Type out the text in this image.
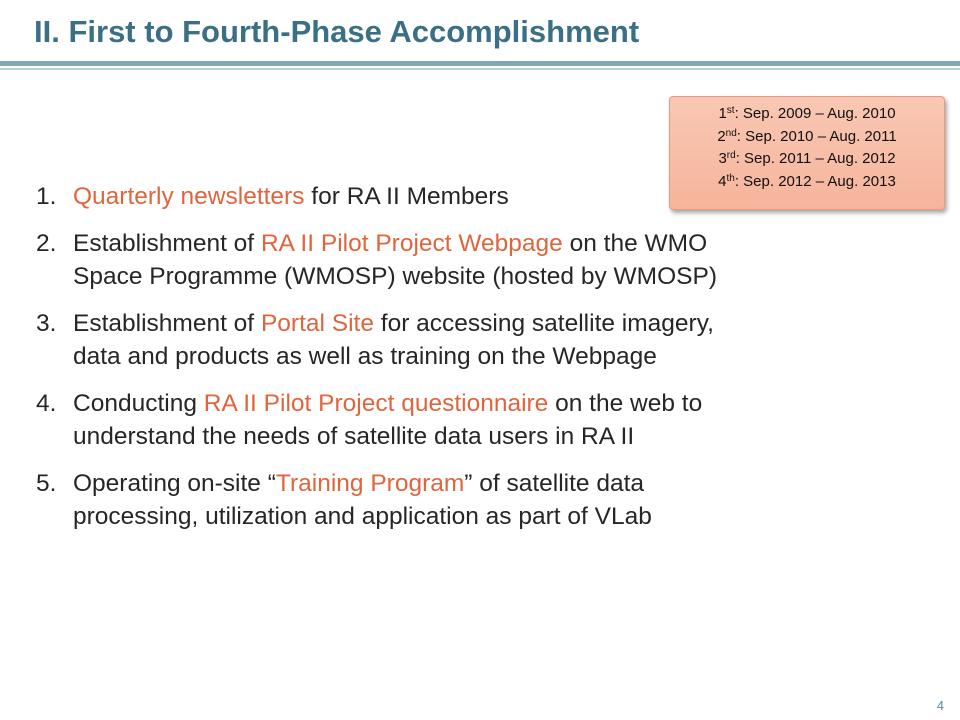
II. First to Fourth-Phase Accomplishment
1st: Sep. 2009 – Aug. 2010
2nd: Sep. 2010 – Aug. 2011
3rd: Sep. 2011 – Aug. 2012
4th: Sep. 2012 – Aug. 2013
1. Quarterly newsletters for RA II Members
2. Establishment of RA II Pilot Project Webpage on the WMO
Space Programme (WMOSP) website (hosted by WMOSP)
3. Establishment of Portal Site for accessing satellite imagery,
data and products as well as training on the Webpage
4. Conducting RA II Pilot Project questionnaire on the web to
understand the needs of satellite data users in RA II
5. Operating on-site “Training Program” of satellite data
processing, utilization and application as part of VLab
4
